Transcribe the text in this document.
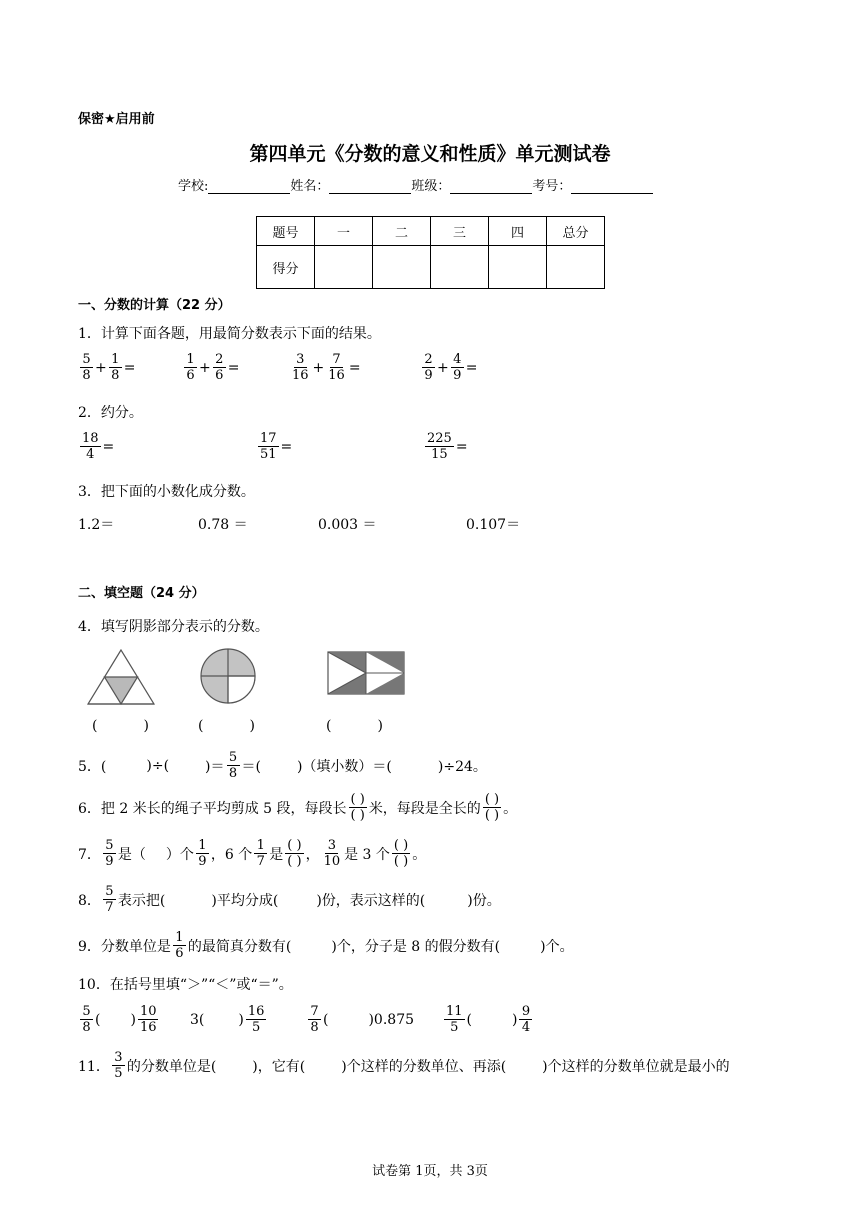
保密★启用前
第四单元《分数的意义和性质》单元测试卷
学校:	姓名：	班级：	考号：
题号	一	二	三	四	总分
得分					
一、分数的计算（22 分）
1．计算下面各题，用最简分数表示下面的结果。
$\frac{5}{8} + \frac{1}{8}$ =	$\frac{1}{6} + \frac{2}{6}$ =	$\frac{3}{16} + \frac{7}{16}$ =	$\frac{2}{9} + \frac{4}{9}$ =
2．约分。
$\frac{18}{4}$ =	$\frac{17}{51}$ =	$\frac{225}{15}$ =
3．把下面的小数化成分数。
1.2＝	0.78 ＝	0.003 ＝	0.107＝
二、填空题（24 分）
4．填写阴影部分表示的分数。
(	)	(	)	(	)
5．(	)÷(	)＝ $\frac{5}{8}$ ＝(	)（填小数）＝(	)÷24。
6．把 2 米长的绳子平均剪成 5 段，每段长 $\frac{( )}{( )}$ 米，每段是全长的 $\frac{( )}{( )}$ 。
7． $\frac{5}{9}$ 是（ ）个 $\frac{1}{9}$ ，6 个 $\frac{1}{7}$ 是 $\frac{( )}{( )}$ ， $\frac{3}{10}$ 是 3 个 $\frac{( )}{( )}$ 。
8． $\frac{5}{7}$ 表示把(	)平均分成(	)份，表示这样的(	)份。
9．分数单位是 $\frac{1}{6}$ 的最简真分数有(	)个，分子是 8 的假分数有(	)个。
10．在括号里填“＞”“＜”或“＝”。
$\frac{5}{8}$ ( ) $\frac{10}{16} 3$( ) $\frac{16}{5}$	$\frac{7}{8}$ (	)$0.875 \frac{11}{5}$ (	) $\frac{9}{4}$
11． $\frac{3}{5}$ 的分数单位是(	)，它有(	)个这样的分数单位、再添(	)个这样的分数单位就是最小的
试卷第 1页，共 3页
